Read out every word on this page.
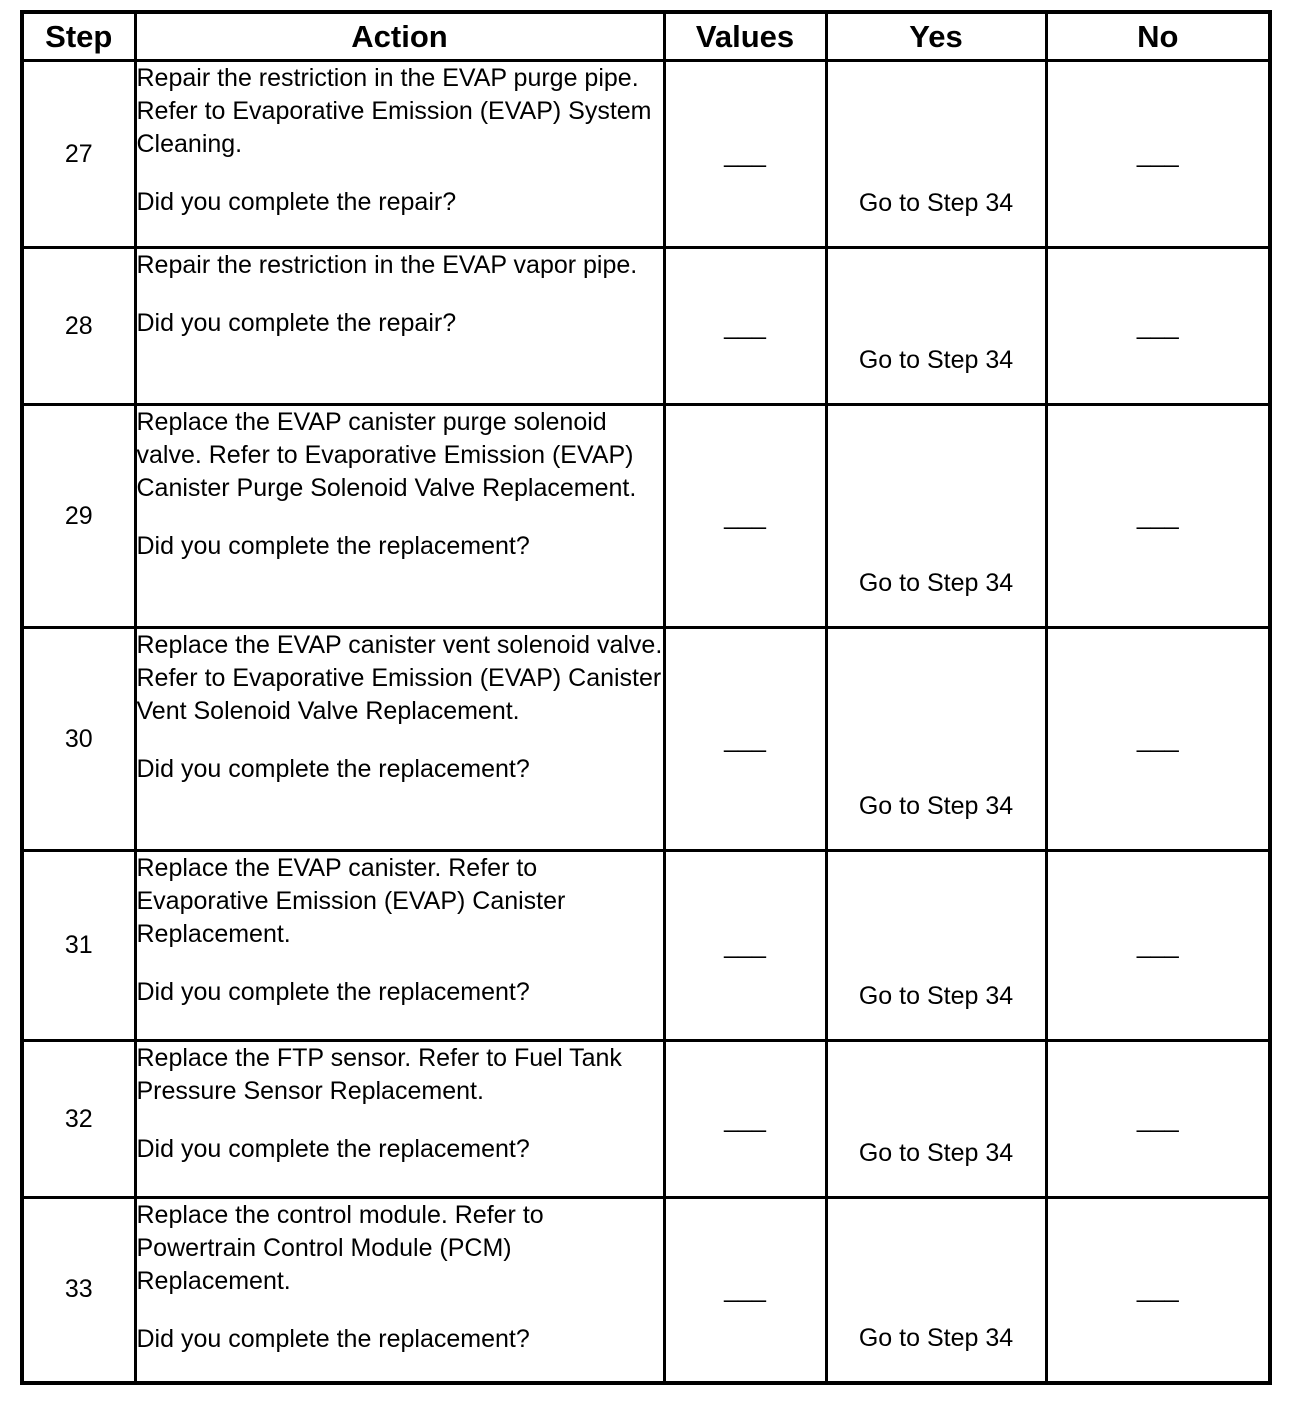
Step	Action	Values	Yes	No
27	Repair the restriction in the EVAP purge pipe. Refer to Evaporative Emission (EVAP) System Cleaning.
Did you complete the repair?	___	Go to Step 34	___
28	Repair the restriction in the EVAP vapor pipe.
Did you complete the repair?	___	Go to Step 34	___
29	Replace the EVAP canister purge solenoid valve. Refer to Evaporative Emission (EVAP) Canister Purge Solenoid Valve Replacement.
Did you complete the replacement?	___	Go to Step 34	___
30	Replace the EVAP canister vent solenoid valve. Refer to Evaporative Emission (EVAP) Canister Vent Solenoid Valve Replacement.
Did you complete the replacement?	___	Go to Step 34	___
31	Replace the EVAP canister. Refer to Evaporative Emission (EVAP) Canister Replacement.
Did you complete the replacement?	___	Go to Step 34	___
32	Replace the FTP sensor. Refer to Fuel Tank Pressure Sensor Replacement.
Did you complete the replacement?	___	Go to Step 34	___
33	Replace the control module. Refer to Powertrain Control Module (PCM) Replacement.
Did you complete the replacement?	___	Go to Step 34	___
